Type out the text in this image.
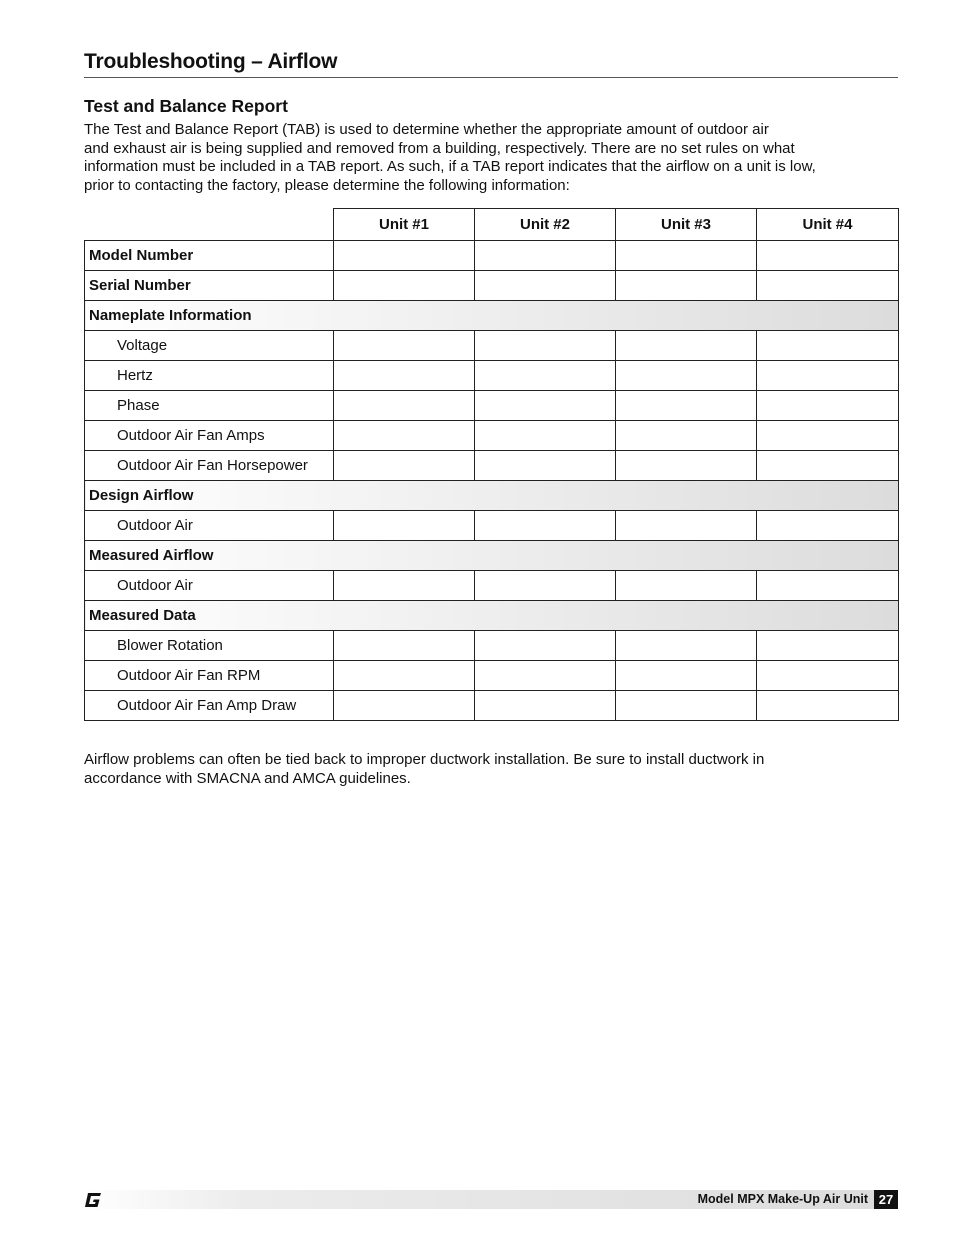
Troubleshooting – Airflow
Test and Balance Report

The Test and Balance Report (TAB) is used to determine whether the appropriate amount of outdoor air
and exhaust air is being supplied and removed from a building, respectively. There are no set rules on what
information must be included in a TAB report. As such, if a TAB report indicates that the airflow on a unit is low,
prior to contacting the factory, please determine the following information:

	Unit #1	Unit #2	Unit #3	Unit #4
Model Number				
Serial Number				
Nameplate Information				
Voltage				
Hertz				
Phase				
Outdoor Air Fan Amps				
Outdoor Air Fan Horsepower				
Design Airflow				
Outdoor Air				
Measured Airflow				
Outdoor Air				
Measured Data				
Blower Rotation				
Outdoor Air Fan RPM				
Outdoor Air Fan Amp Draw				

Airflow problems can often be tied back to improper ductwork installation. Be sure to install ductwork in
accordance with SMACNA and AMCA guidelines.

Model MPX Make-Up Air Unit 27
